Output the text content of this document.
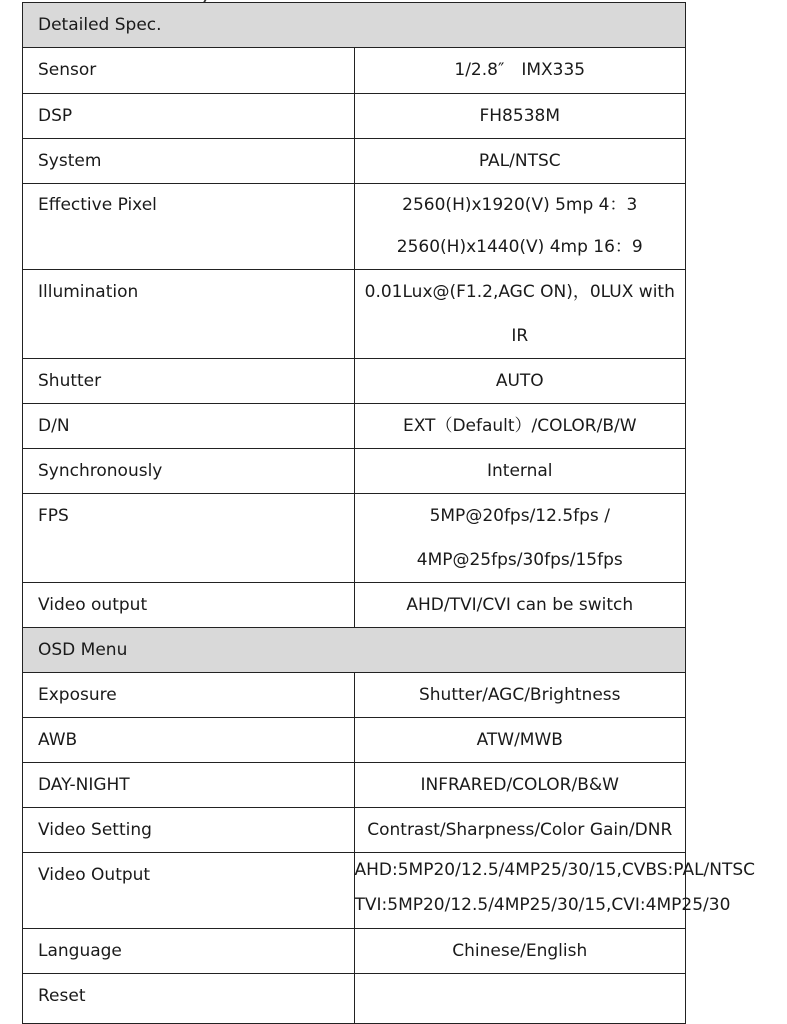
Detailed Spec.	

Sensor	1/2.8″ IMX335

DSP	FH8538M

System	PAL/NTSC

Effective Pixel	2560(H)x1920(V) 5mp 4：3
2560(H)x1440(V) 4mp 16：9

Illumination	0.01Lux@(F1.2,AGC ON)，0LUX with IR

Shutter	AUTO

D/N	EXT（Default）/COLOR/B/W

Synchronously	Internal

FPS	5MP@20fps/12.5fps / 4MP@25fps/30fps/15fps

Video output	AHD/TVI/CVI can be switch

OSD Menu	

Exposure	Shutter/AGC/Brightness

AWB	ATW/MWB

DAY-NIGHT	INFRARED/COLOR/B&W

Video Setting	Contrast/Sharpness/Color Gain/DNR

Video Output	AHD:5MP20/12.5/4MP25/30/15,CVBS:PAL/NTSC
TVI:5MP20/12.5/4MP25/30/15,CVI:4MP25/30

Language	Chinese/English

Reset	
